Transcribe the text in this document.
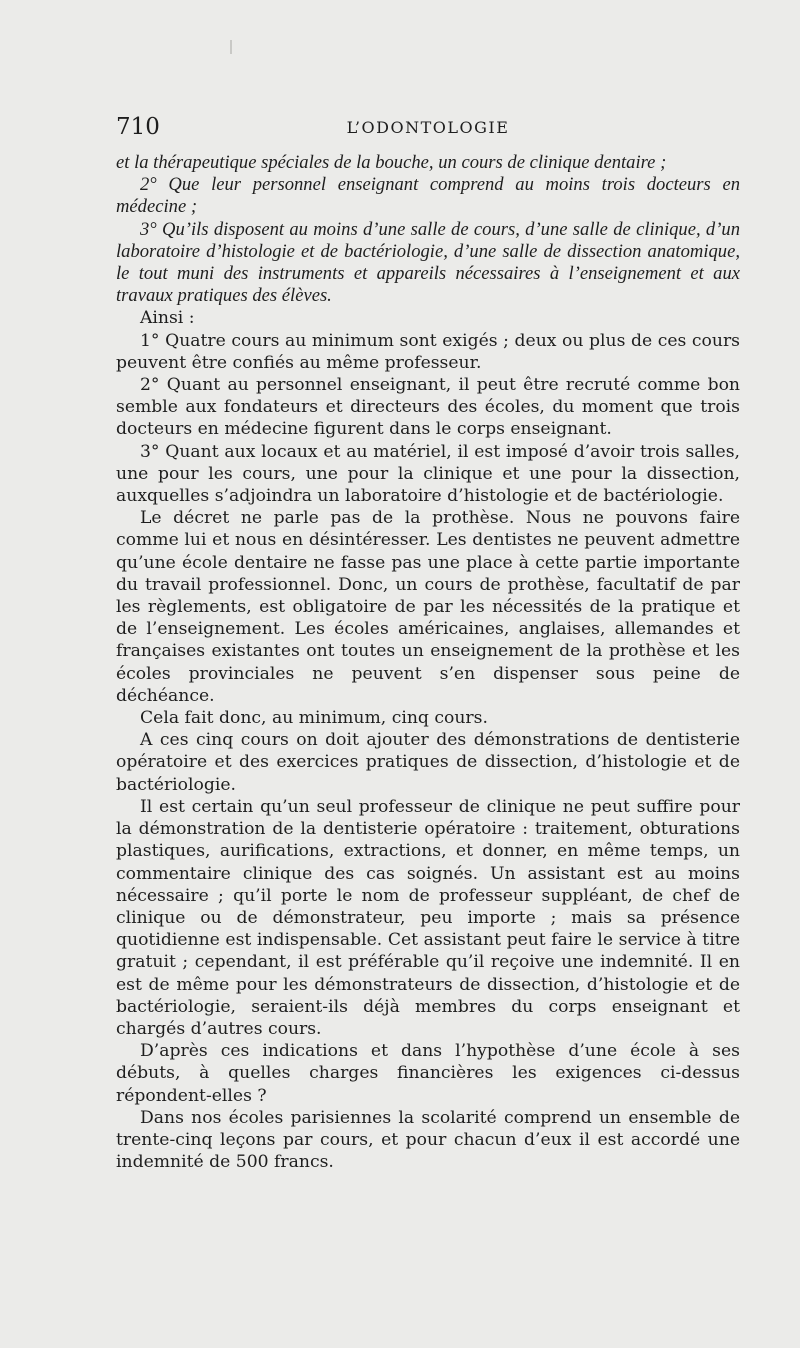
710	L’ODONTOLOGIE

et la thérapeutique spéciales de la bouche, un cours de clinique dentaire ;

2° Que leur personnel enseignant comprend au moins trois docteurs en médecine ;

3° Qu’ils disposent au moins d’une salle de cours, d’une salle de clinique, d’un laboratoire d’histologie et de bactériologie, d’une salle de dissection anatomique, le tout muni des instruments et appareils nécessaires à l’enseignement et aux travaux pratiques des élèves.

Ainsi :

1° Quatre cours au minimum sont exigés ; deux ou plus de ces cours peuvent être confiés au même professeur.

2° Quant au personnel enseignant, il peut être recruté comme bon semble aux fondateurs et directeurs des écoles, du moment que trois docteurs en médecine figurent dans le corps enseignant.

3° Quant aux locaux et au matériel, il est imposé d’avoir trois salles, une pour les cours, une pour la clinique et une pour la dissection, auxquelles s’adjoindra un laboratoire d’histologie et de bactériologie.

Le décret ne parle pas de la prothèse. Nous ne pouvons faire comme lui et nous en désintéresser. Les dentistes ne peuvent admettre qu’une école dentaire ne fasse pas une place à cette partie importante du travail professionnel. Donc, un cours de prothèse, facultatif de par les règlements, est obligatoire de par les nécessités de la pratique et de l’enseignement. Les écoles américaines, anglaises, allemandes et françaises existantes ont toutes un enseignement de la prothèse et les écoles provinciales ne peuvent s’en dispenser sous peine de déchéance.

Cela fait donc, au minimum, cinq cours.

A ces cinq cours on doit ajouter des démonstrations de dentisterie opératoire et des exercices pratiques de dissection, d’histologie et de bactériologie.

Il est certain qu’un seul professeur de clinique ne peut suffire pour la démonstration de la dentisterie opératoire : traitement, obturations plastiques, aurifications, extractions, et donner, en même temps, un commentaire clinique des cas soignés. Un assistant est au moins nécessaire ; qu’il porte le nom de professeur suppléant, de chef de clinique ou de démonstrateur, peu importe ; mais sa présence quotidienne est indispensable. Cet assistant peut faire le service à titre gratuit ; cependant, il est préférable qu’il reçoive une indemnité. Il en est de même pour les démonstrateurs de dissection, d’histologie et de bactériologie, seraient-ils déjà membres du corps enseignant et chargés d’autres cours.

D’après ces indications et dans l’hypothèse d’une école à ses débuts, à quelles charges financières les exigences ci-dessus répondent-elles ?

Dans nos écoles parisiennes la scolarité comprend un ensemble de trente-cinq leçons par cours, et pour chacun d’eux il est accordé une indemnité de 500 francs.
